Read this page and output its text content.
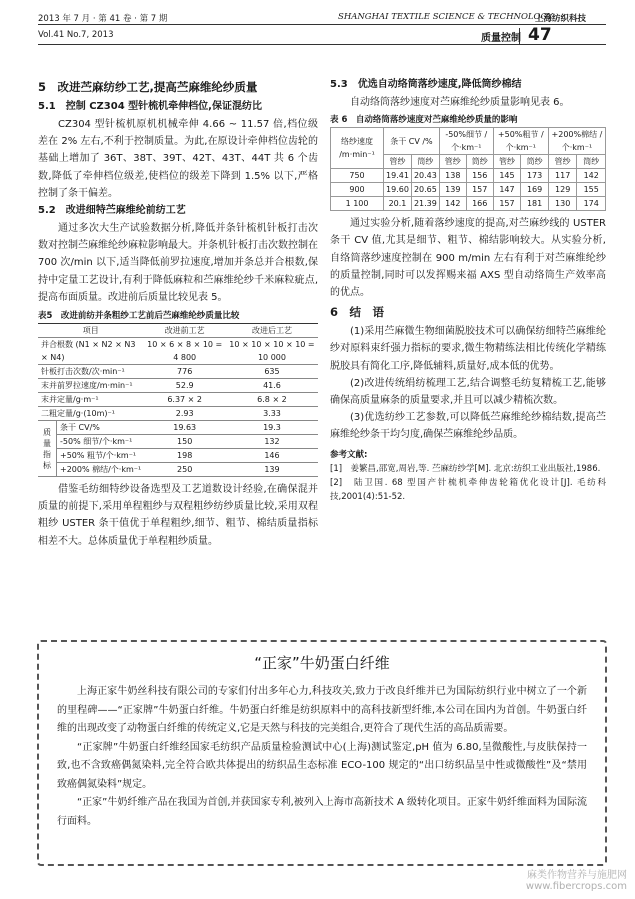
2013 年 7 月 · 第 41 卷 · 第 7 期
Vol.41 No.7, 2013
SHANGHAI TEXTILE SCIENCE & TECHNOLOGY
上海纺织科技
质量控制 47

5　改进苎麻纺纱工艺,提高苎麻维纶纱质量

5.1　控制 CZ304 型针梳机牵伸档位,保证混纺比

CZ304 型针梳机原机机械牵伸 4.66 ~ 11.57 倍,档位级差在 2% 左右,不利于控制质量。为此,在原设计牵伸档位齿轮的基础上增加了 36T、38T、39T、42T、43T、44T 共 6 个齿数,降低了牵伸档位级差,使档位的级差下降到 1.5% 以下,严格控制了条干偏差。

5.2　改进细特苎麻维纶前纺工艺

通过多次大生产试验数据分析,降低并条针梳机针板打击次数对控制苎麻维纶纱麻粒影响最大。并条机针板打击次数控制在 700 次/min 以下,适当降低前罗拉速度,增加并条总并合根数,保持中定量工艺设计,有利于降低麻粒和苎麻维纶纱千米麻粒疵点,提高布面质量。改进前后质量比较见表 5。

表5　改进前纺并条粗纱工艺前后苎麻维纶纱质量比较

项目		改进前工艺	改进后工艺
并合根数 (N1 × N2 × N3 × N4)		10 × 6 × 8 × 10 = 4 800	10 × 10 × 10 × 10 = 10 000
针板打击次数/次·min⁻¹		776	635
末并前罗拉速度/m·min⁻¹		52.9	41.6
末并定量/g·m⁻¹		6.37 × 2	6.8 × 2
二粗定量/g·(10m)⁻¹		2.93	3.33
质量指标	条干 CV/%	19.63	19.3
	-50% 细节/个·km⁻¹	150	132
	+50% 粗节/个·km⁻¹	198	146
	+200% 棉结/个·km⁻¹	250	139

借鉴毛纺细特纱设备选型及工艺道数设计经验,在确保混并质量的前提下,采用单程粗纱与双程粗纱纺纱质量比较,采用双程粗纱 USTER 条干值优于单程粗纱,细节、粗节、棉结质量指标相差不大。总体质量优于单程粗纱质量。

5.3　优选自动络筒落纱速度,降低筒纱棉结

自动络筒落纱速度对苎麻维纶纱质量影响见表 6。

表 6　自动络筒落纱速度对苎麻维纶纱质量的影响

络纱速度 /m·min⁻¹	条干 CV /%		-50%细节 /个·km⁻¹		+50%粗节 /个·km⁻¹		+200%棉结 /个·km⁻¹	
	管纱	筒纱	管纱	筒纱	管纱	筒纱	管纱	筒纱
750	19.41	20.43	138	156	145	173	117	142
900	19.60	20.65	139	157	147	169	129	155
1 100	20.1	21.39	142	166	157	181	130	174

通过实验分析,随着落纱速度的提高,对苎麻纱线的 USTER 条干 CV 值,尤其是细节、粗节、棉结影响较大。从实验分析,自络筒落纱速度控制在 900 m/min 左右有利于对苎麻维纶纱的质量控制,同时可以发挥赐来福 AXS 型自动络筒生产效率高的优点。

6　结　语

(1)采用苎麻微生物细菌脱胶技术可以确保纺细特苎麻维纶纱对原料束纤强力指标的要求,微生物精练法相比传统化学精练脱胶具有简化工序,降低辅料,质量好,成本低的优势。

(2)改进传统绢纺梳理工艺,结合调整毛纺复精梳工艺,能够确保高质量麻条的质量要求,并且可以减少精梳次数。

(3)优选纺纱工艺参数,可以降低苎麻维纶纱棉结数,提高苎麻维纶纱条干均匀度,确保苎麻维纶纱品质。

参考文献:

[1]　姜繁昌,邵宽,周岩,等. 苎麻纺纱学[M]. 北京:纺织工业出版社,1986.

[2]　陆卫国. 68 型国产针梳机牵伸齿轮箱优化设计[J]. 毛纺科技,2001(4):51-52.

“正家”牛奶蛋白纤维

上海正家牛奶丝科技有限公司的专家们付出多年心力,科技攻关,致力于改良纤维并已为国际纺织行业中树立了一个新的里程碑——“正家牌”牛奶蛋白纤维。牛奶蛋白纤维是纺织原料中的高科技新型纤维,本公司在国内为首创。牛奶蛋白纤维的出现改变了动物蛋白纤维的传统定义,它是天然与科技的完美组合,更符合了现代生活的高品质需要。

“正家牌”牛奶蛋白纤维经国家毛纺织产品质量检验测试中心(上海)测试鉴定,pH 值为 6.80,呈微酸性,与皮肤保持一致,也不含致癌偶氮染料,完全符合欧共体提出的纺织品生态标准 ECO-100 规定的“出口纺织品呈中性或微酸性”及“禁用致癌偶氮染料”规定。

“正家”牛奶纤维产品在我国为首创,并获国家专利,被列入上海市高新技术 A 级转化项目。正家牛奶纤维面料为国际流行面料。

麻类作物营养与施肥网
www.fibercrops.com
